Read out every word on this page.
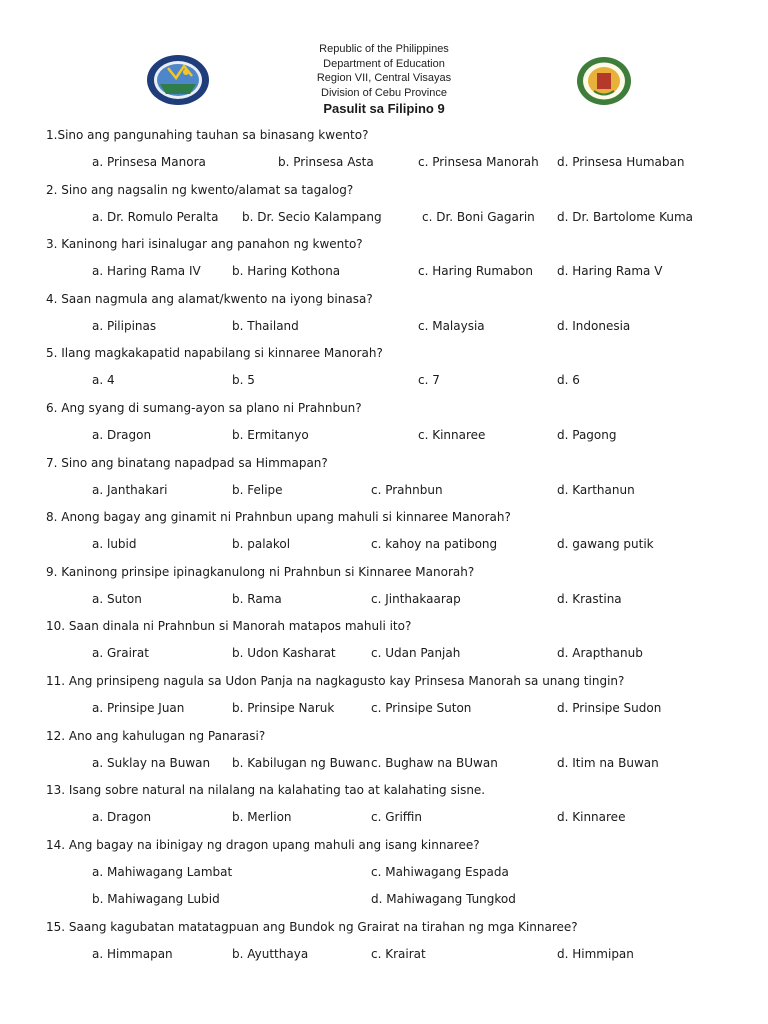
Republic of the Philippines
Department of Education
Region VII, Central Visayas
Division of Cebu Province
Pasulit sa Filipino 9
1.Sino ang pangunahing tauhan sa binasang kwento?
a. Prinsesa Manora	b. Prinsesa Asta	c. Prinsesa Manorah d. Prinsesa Humaban
2. Sino ang nagsalin ng kwento/alamat sa tagalog?
a. Dr. Romulo Peralta b. Dr. Secio Kalampang	c. Dr. Boni Gagarin d. Dr. Bartolome Kuma
3. Kaninong hari isinalugar ang panahon ng kwento?
a. Haring Rama IV	b. Haring Kothona	c. Haring Rumabon d. Haring Rama V
4. Saan nagmula ang alamat/kwento na iyong binasa?
a. Pilipinas	b. Thailand	c. Malaysia	d. Indonesia
5. Ilang magkakapatid napabilang si kinnaree Manorah?
a. 4	b. 5	c. 7	d. 6
6. Ang syang di sumang-ayon sa plano ni Prahnbun?
a. Dragon	b. Ermitanyo	c. Kinnaree	d. Pagong
7. Sino ang binatang napadpad sa Himmapan?
a. Janthakari	b. Felipe	c. Prahnbun	d. Karthanun
8. Anong bagay ang ginamit ni Prahnbun upang mahuli si kinnaree Manorah?
a. lubid	b. palakol	c. kahoy na patibong	d. gawang putik
9. Kaninong prinsipe ipinagkanulong ni Prahnbun si Kinnaree Manorah?
a. Suton	b. Rama	c. Jinthakaarap	d. Krastina
10. Saan dinala ni Prahnbun si Manorah matapos mahuli ito?
a. Grairat	b. Udon Kasharat	c. Udan Panjah	d. Arapthanub
11. Ang prinsipeng nagula sa Udon Panja na nagkagusto kay Prinsesa Manorah sa unang tingin?
a. Prinsipe Juan	b. Prinsipe Naruk	c. Prinsipe Suton	d. Prinsipe Sudon
12. Ano ang kahulugan ng Panarasi?
a. Suklay na Buwan b. Kabilugan ng Buwan c. Bughaw na BUwan	d. Itim na Buwan
13. Isang sobre natural na nilalang na kalahating tao at kalahating sisne.
a. Dragon	b. Merlion	c. Griffin	d. Kinnaree
14. Ang bagay na ibinigay ng dragon upang mahuli ang isang kinnaree?
a. Mahiwagang Lambat	c. Mahiwagang Espada
b. Mahiwagang Lubid	d. Mahiwagang Tungkod
15. Saang kagubatan matatagpuan ang Bundok ng Grairat na tirahan ng mga Kinnaree?
a. Himmapan	b. Ayutthaya	c. Krairat	d. Himmipan
